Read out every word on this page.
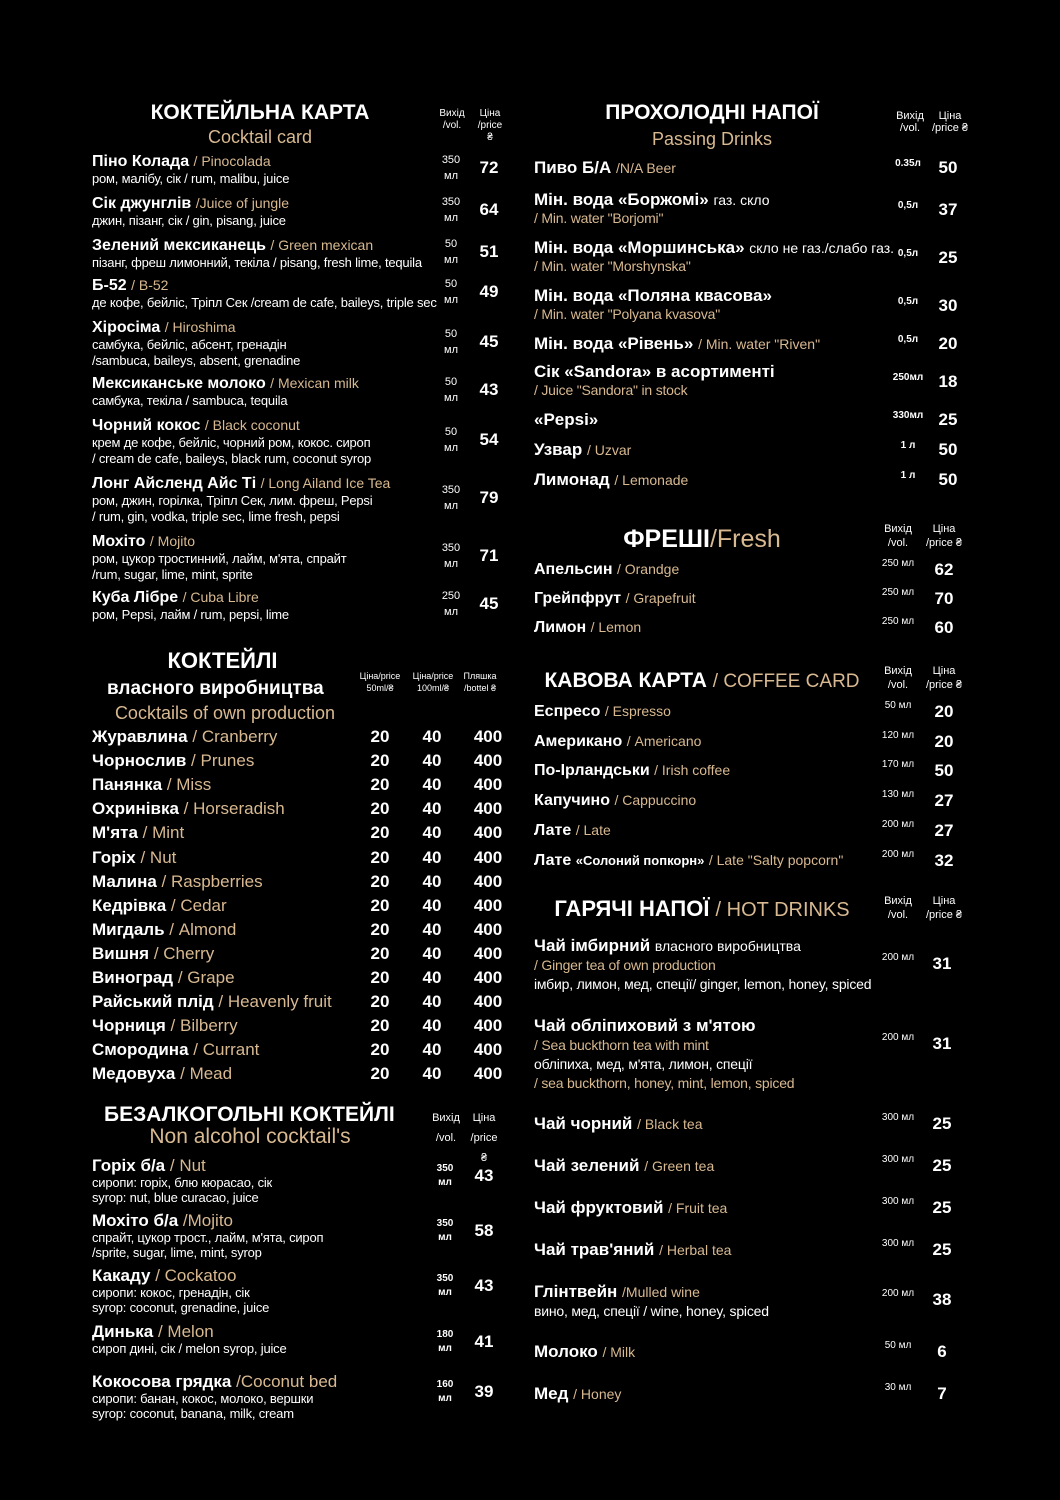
КОКТЕЙЛЬНА КАРТА
Cocktail card
Вихід /vol.
Ціна /price ₴
Піно Колада / Pinocolada
ром, малібу, сік / rum, malibu, juice
350 мл	72
Сік джунглів /Juice of jungle
джин, пізанг, сік / gin, pisang, juice
350 мл	64
Зелений мексиканець / Green mexican
пізанг, фреш лимонний, текіла / pisang, fresh lime, tequila
50 мл	51
Б-52 / B-52
де кофе, бейліс, Тріпл Сек /cream de cafe, baileys, triple sec
50 мл	49
Хіросіма / Hiroshima
самбука, бейліс, абсент, гренадін
/sambuca, baileys, absent, grenadine
50 мл	45
Мексиканське молоко / Mexican milk
самбука, текіла / sambuca, tequila
50 мл	43
Чорний кокос / Black coconut
крем де кофе, бейліс, чорний ром, кокос. сироп
/ cream de cafe, baileys, black rum, coconut syrop
50 мл	54
Лонг Айсленд Айс Ті / Long Ailand Ice Tea
ром, джин, горілка, Тріпл Сек, лим. фреш, Pepsi
/ rum, gin, vodka, triple sec, lime fresh, pepsi
350 мл	79
Мохіто / Mojito
ром, цукор тростинний, лайм, м'ята, спрайт
/rum, sugar, lime, mint, sprite
350 мл	71
Куба Лібре / Cuba Libre
ром, Pepsi, лайм / rum, pepsi, lime
250 мл	45
КОКТЕЙЛІ
власного виробництва
Cocktails of own production
Ціна/price 50ml/₴
Ціна/price 100ml/₴
Пляшка /bottel ₴
Журавлина / Cranberry	20	40	400
Чорнослив / Prunes	20	40	400
Панянка / Miss	20	40	400
Охринівка / Horseradish	20	40	400
М'ята / Mint	20	40	400
Горіх / Nut	20	40	400
Малина / Raspberries	20	40	400
Кедрівка / Cedar	20	40	400
Мигдаль / Almond	20	40	400
Вишня / Cherry	20	40	400
Виноград / Grape	20	40	400
Райський плід / Heavenly fruit	20	40	400
Чорниця / Bilberry	20	40	400
Смородина / Currant	20	40	400
Медовуха / Mead	20	40	400
БЕЗАЛКОГОЛЬНІ КОКТЕЙЛІ
Non alcohol cocktail's
Вихід /vol.
Ціна /price ₴
Горіх б/а / Nut
сиропи: горіх, блю кюрасао, сік
syrop: nut, blue curacao, juice
350 мл	43
Мохіто б/а /Mojito
спрайт, цукор трост., лайм, м'ята, сироп
/sprite, sugar, lime, mint, syrop
350 мл	58
Какаду / Cockatoo
сиропи: кокос, гренадін, сік
syrop: coconut, grenadine, juice
350 мл	43
Динька / Melon
сироп дині, сік / melon syrop, juice
180 мл	41
Кокосова грядка /Coconut bed
сиропи: банан, кокос, молоко, вершки
syrop: coconut, banana, milk, cream
160 мл	39
ПРОХОЛОДНІ НАПОЇ
Passing Drinks
Вихід /vol.
Ціна /price ₴
Пиво Б/А /N/A Beer	0.35л	50
Мін. вода «Боржомі» газ. скло
/ Min. water "Borjomi"
0,5л	37
Мін. вода «Моршинська» скло не газ./слабо газ.
/ Min. water "Morshynska"
0,5л	25
Мін. вода «Поляна квасова»
/ Min. water "Polyana kvasova"
0,5л	30
Мін. вода «Рівень» / Min. water "Riven"	0,5л	20
Сік «Sandora» в асортименті
/ Juice "Sandora" in stock
250мл 18
«Pepsi»	330мл 25
Узвар / Uzvar	1 л	50
Лимонад / Lemonade	1 л	50
ФРЕШІ/Fresh	Вихід /vol.
Ціна /price ₴
Апельсин / Orandge	250 мл	62
Грейпфрут / Grapefruit	250 мл	70
Лимон / Lemon	250 мл	60
КАВОВА КАРТА / COFFEE CARD	Вихід /vol.
Ціна /price ₴
Еспресо / Espresso	50 мл	20
Американо / Americano	120 мл	20
По-Ірландськи / Irish coffee	170 мл	50
Капучино / Cappuccino	130 мл	27
Лате / Late	200 мл	27
Лате «Солоний попкорн» / Late "Salty popcorn"	200 мл	32
ГАРЯЧІ НАПОЇ / HOT DRINKS	Вихід /vol.
Ціна /price ₴
Чай імбирний власного виробництва
/ Ginger tea of own production
імбир, лимон, мед, спеції/ ginger, lemon, honey, spiced
200 мл	31
Чай обліпиховий з м'ятою
/ Sea buckthorn tea with mint
обліпиха, мед, м'ята, лимон, спеції
/ sea buckthorn, honey, mint, lemon, spiced
200 мл	31
Чай чорний / Black tea	300 мл	25
Чай зелений / Green tea	300 мл	25
Чай фруктовий / Fruit tea	300 мл	25
Чай трав'яний / Herbal tea	300 мл	25
Глінтвейн /Mulled wine
вино, мед, спеції / wine, honey, spiced
200 мл	38
Молоко / Milk	50 мл	6
Мед / Honey	30 мл	7
